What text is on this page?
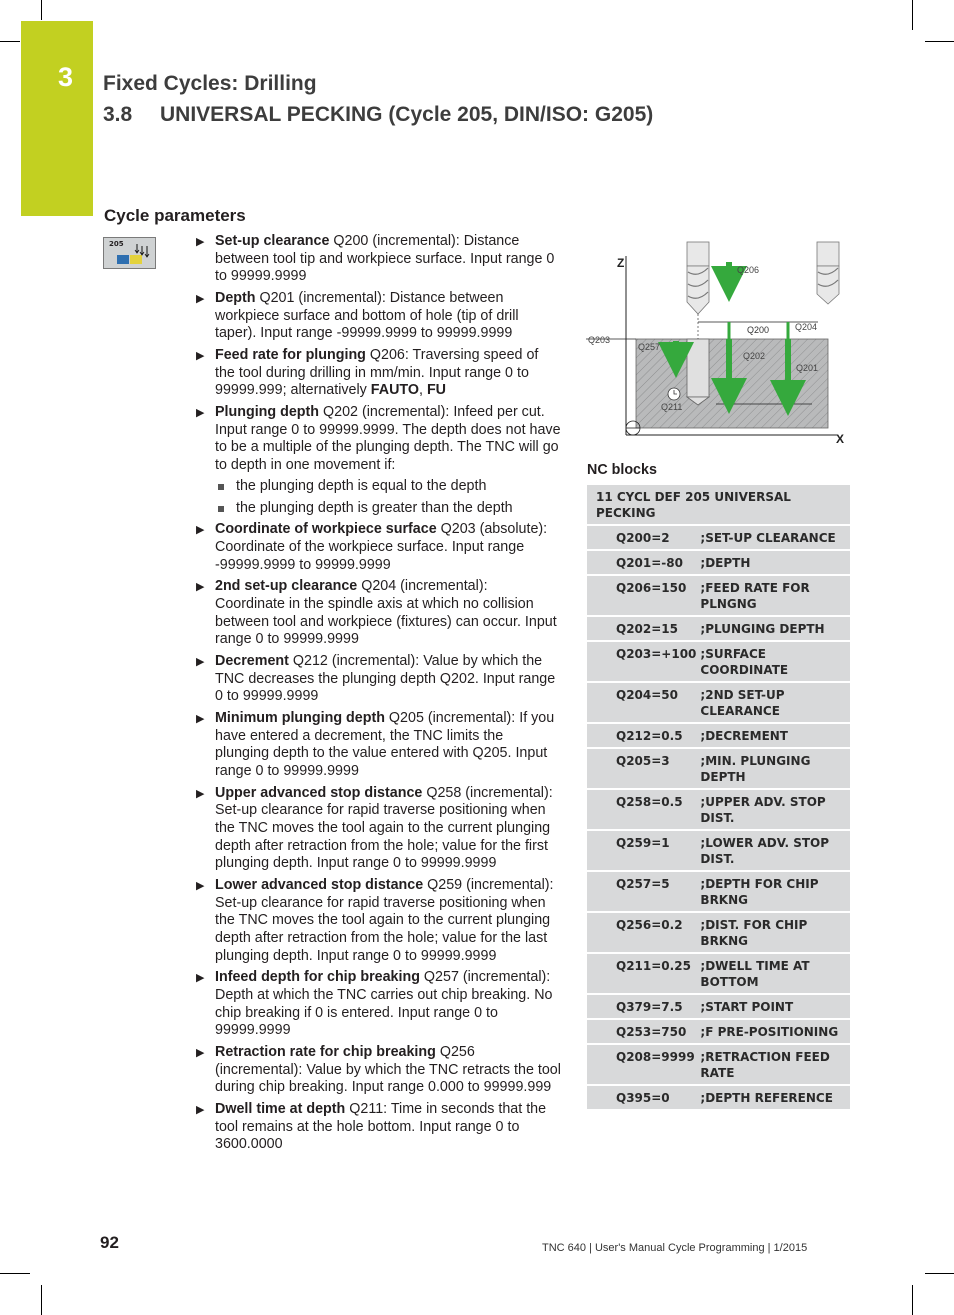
3 Fixed Cycles: Drilling
3.8 UNIVERSAL PECKING (Cycle 205, DIN/ISO: G205)
Cycle parameters
205	▶ Set-up clearance Q200 (incremental): Distance between tool tip and workpiece surface. Input range 0 to 99999.9999
▶ Depth Q201 (incremental): Distance between workpiece surface and bottom of hole (tip of drill taper). Input range -99999.9999 to 99999.9999
▶ Feed rate for plunging Q206: Traversing speed of the tool during drilling in mm/min. Input range 0 to 99999.999; alternatively FAUTO, FU
▶ Plunging depth Q202 (incremental): Infeed per cut. Input range 0 to 99999.9999. The depth does not have to be a multiple of the plunging depth. The TNC will go to depth in one movement if:
the plunging depth is equal to the depth
the plunging depth is greater than the depth
▶ Coordinate of workpiece surface Q203 (absolute): Coordinate of the workpiece surface. Input range -99999.9999 to 99999.9999
▶ 2nd set-up clearance Q204 (incremental): Coordinate in the spindle axis at which no collision between tool and workpiece (fixtures) can occur. Input range 0 to 99999.9999
▶ Decrement Q212 (incremental): Value by which the TNC decreases the plunging depth Q202. Input range 0 to 99999.9999
▶ Minimum plunging depth Q205 (incremental): If you have entered a decrement, the TNC limits the plunging depth to the value entered with Q205. Input range 0 to 99999.9999
▶ Upper advanced stop distance Q258 (incremental): Set-up clearance for rapid traverse positioning when the TNC moves the tool again to the current plunging depth after retraction from the hole; value for the first plunging depth. Input range 0 to 99999.9999
▶ Lower advanced stop distance Q259 (incremental): Set-up clearance for rapid traverse positioning when the TNC moves the tool again to the current plunging depth after retraction from the hole; value for the last plunging depth. Input range 0 to 99999.9999
▶ Infeed depth for chip breaking Q257 (incremental): Depth at which the TNC carries out chip breaking. No chip breaking if 0 is entered. Input range 0 to 99999.9999
▶ Retraction rate for chip breaking Q256 (incremental): Value by which the TNC retracts the tool during chip breaking. Input range 0.000 to 99999.999
▶ Dwell time at depth Q211: Time in seconds that the tool remains at the hole bottom. Input range 0 to 3600.0000
Z
X
Q206
Q200	Q204
Q203
Q257
Q202
Q201
Q211
NC blocks
11 CYCL DEF 205 UNIVERSAL PECKING	
Q200=2	;SET-UP CLEARANCE
Q201=-80	;DEPTH
Q206=150	;FEED RATE FOR PLNGNG
Q202=15	;PLUNGING DEPTH
Q203=+100	;SURFACE COORDINATE
Q204=50	;2ND SET-UP CLEARANCE
Q212=0.5	;DECREMENT
Q205=3	;MIN. PLUNGING DEPTH
Q258=0.5	;UPPER ADV. STOP DIST.
Q259=1	;LOWER ADV. STOP DIST.
Q257=5	;DEPTH FOR CHIP BRKNG
Q256=0.2	;DIST. FOR CHIP BRKNG
Q211=0.25	;DWELL TIME AT BOTTOM
Q379=7.5	;START POINT
Q253=750	;F PRE-POSITIONING
Q208=9999	;RETRACTION FEED RATE
Q395=0	;DEPTH REFERENCE
92	TNC 640 | User's Manual Cycle Programming | 1/2015
